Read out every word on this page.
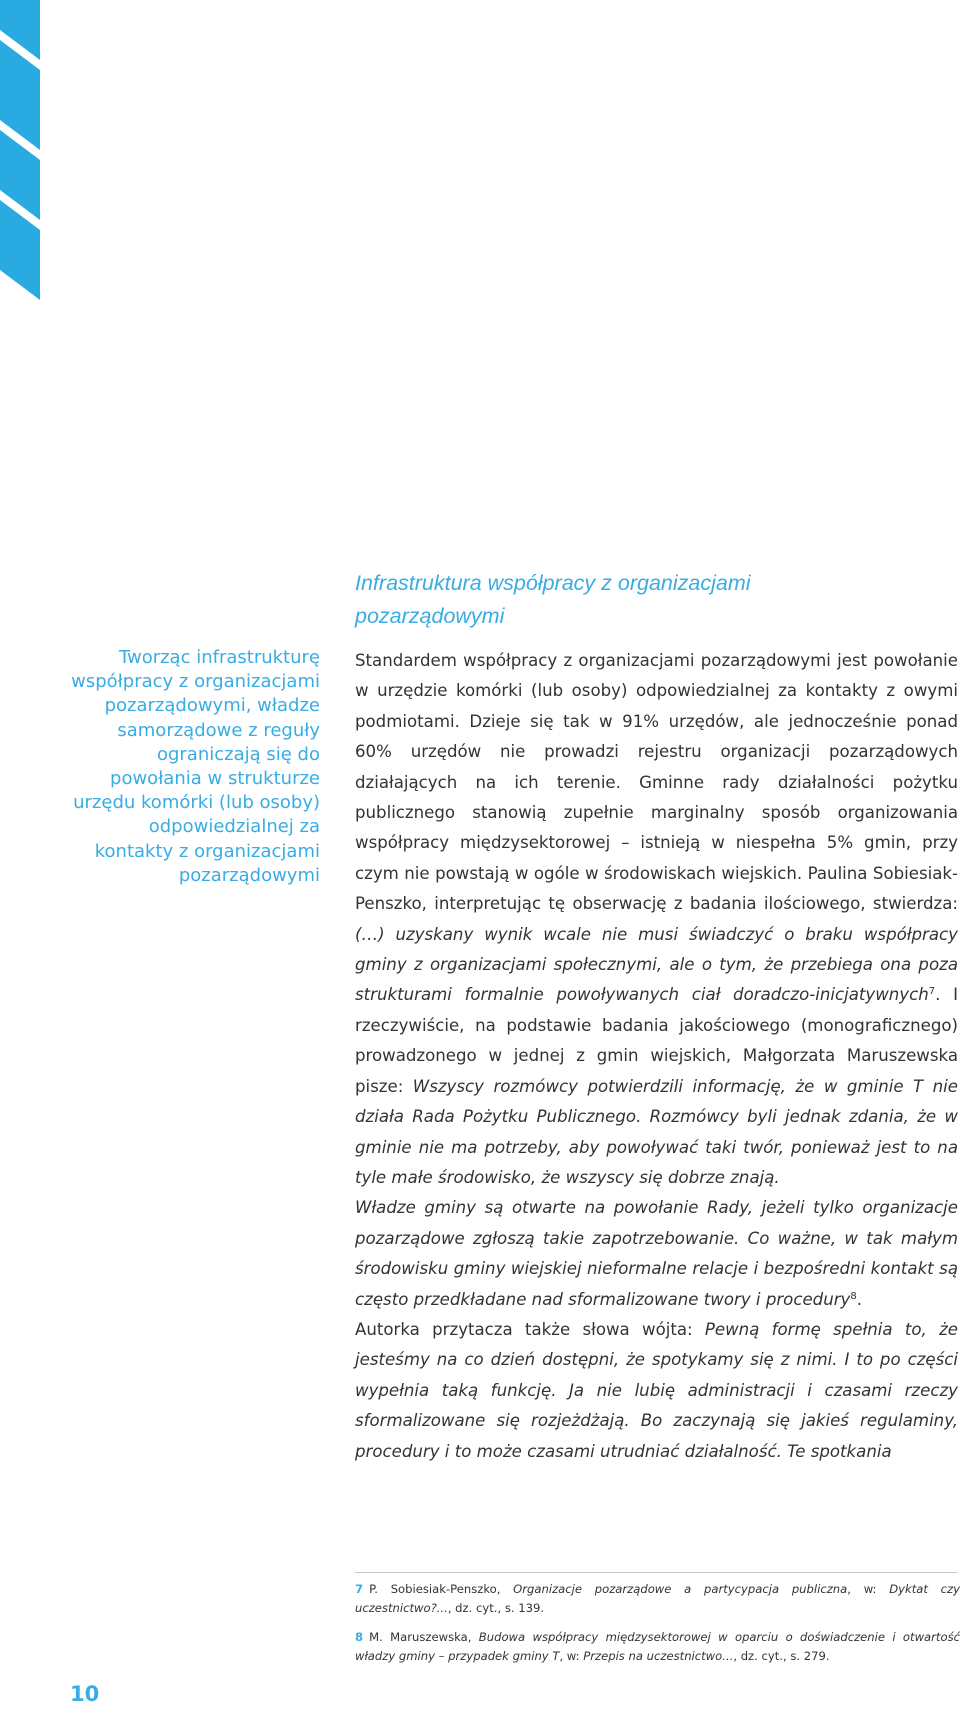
Infrastruktura współpracy z organizacjami
pozarządowymi

Tworząc infrastrukturę współpracy z organizacjami pozarządowymi, władze samorządowe z reguły ograniczają się do powołania w strukturze urzędu komórki (lub osoby) odpowiedzialnej za kontakty z organizacjami pozarządowymi

Standardem współpracy z organizacjami pozarządowymi jest powołanie w urzędzie komórki (lub osoby) odpowiedzialnej za kontakty z owymi podmiotami. Dzieje się tak w 91% urzędów, ale jednocześnie ponad 60% urzędów nie prowadzi rejestru organizacji pozarządowych działających na ich terenie. Gminne rady działalności pożytku publicznego stanowią zupełnie marginalny sposób organizowania współpracy międzysektorowej – istnieją w niespełna 5% gmin, przy czym nie powstają w ogóle w środowiskach wiejskich. Paulina Sobiesiak-Penszko, interpretując tę obserwację z badania ilościowego, stwierdza: (…) uzyskany wynik wcale nie musi świadczyć o braku współpracy gminy z organizacjami społecznymi, ale o tym, że przebiega ona poza strukturami formalnie powoływanych ciał doradczo-inicjatywnych$^7$. I rzeczywiście, na podstawie badania jakościowego (monograficznego) prowadzonego w jednej z gmin wiejskich, Małgorzata Maruszewska pisze: Wszyscy rozmówcy potwierdzili informację, że w gminie T nie działa Rada Pożytku Publicznego. Rozmówcy byli jednak zdania, że w gminie nie ma potrzeby, aby powoływać taki twór, ponieważ jest to na tyle małe środowisko, że wszyscy się dobrze znają.

Władze gminy są otwarte na powołanie Rady, jeżeli tylko organizacje pozarządowe zgłoszą takie zapotrzebowanie. Co ważne, w tak małym środowisku gminy wiejskiej nieformalne relacje i bezpośredni kontakt są często przedkładane nad sformalizowane twory i procedury$^8$.

Autorka przytacza także słowa wójta: Pewną formę spełnia to, że jesteśmy na co dzień dostępni, że spotykamy się z nimi. I to po części wypełnia taką funkcję. Ja nie lubię administracji i czasami rzeczy sformalizowane się rozjeżdżają. Bo zaczynają się jakieś regulaminy, procedury i to może czasami utrudniać działalność. Te spotkania

7 P. Sobiesiak-Penszko, Organizacje pozarządowe a partycypacja publiczna, w: Dyktat czy uczestnictwo?..., dz. cyt., s. 139.

8 M. Maruszewska, Budowa współpracy międzysektorowej w oparciu o doświadczenie i otwartość władzy gminy – przypadek gminy T, w: Przepis na uczestnictwo..., dz. cyt., s. 279.

10
